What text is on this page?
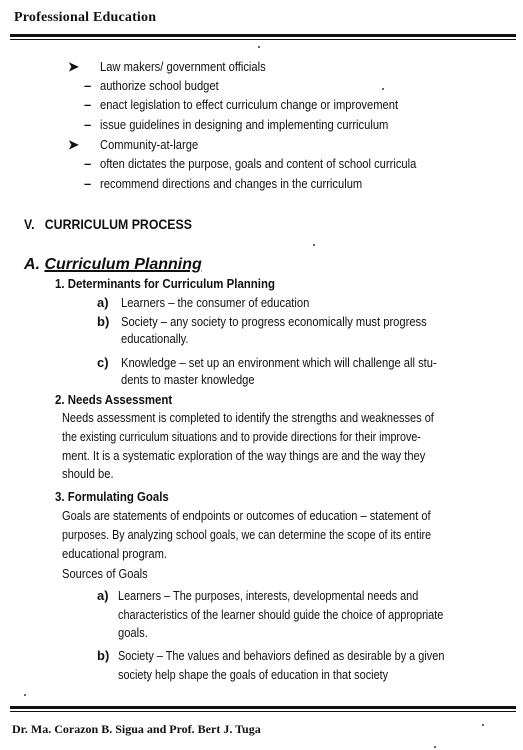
Professional Education
➤ Law makers/ government officials
– authorize school budget
– enact legislation to effect curriculum change or improvement
– issue guidelines in designing and implementing curriculum
➤ Community-at-large
– often dictates the purpose, goals and content of school curricula
– recommend directions and changes in the curriculum
V. CURRICULUM PROCESS
A. Curriculum Planning
1. Determinants for Curriculum Planning
a) Learners – the consumer of education
b) Society – any society to progress economically must progress
educationally.
c) Knowledge – set up an environment which will challenge all stu-
dents to master knowledge
2. Needs Assessment
Needs assessment is completed to identify the strengths and weaknesses of
the existing curriculum situations and to provide directions for their improve-
ment. It is a systematic exploration of the way things are and the way they
should be.
3. Formulating Goals
Goals are statements of endpoints or outcomes of education – statement of
purposes. By analyzing school goals, we can determine the scope of its entire
educational program.
Sources of Goals
a) Learners – The purposes, interests, developmental needs and
characteristics of the learner should guide the choice of appropriate
goals.
b) Society – The values and behaviors defined as desirable by a given
society help shape the goals of education in that society
Dr. Ma. Corazon B. Sigua and Prof. Bert J. Tuga
